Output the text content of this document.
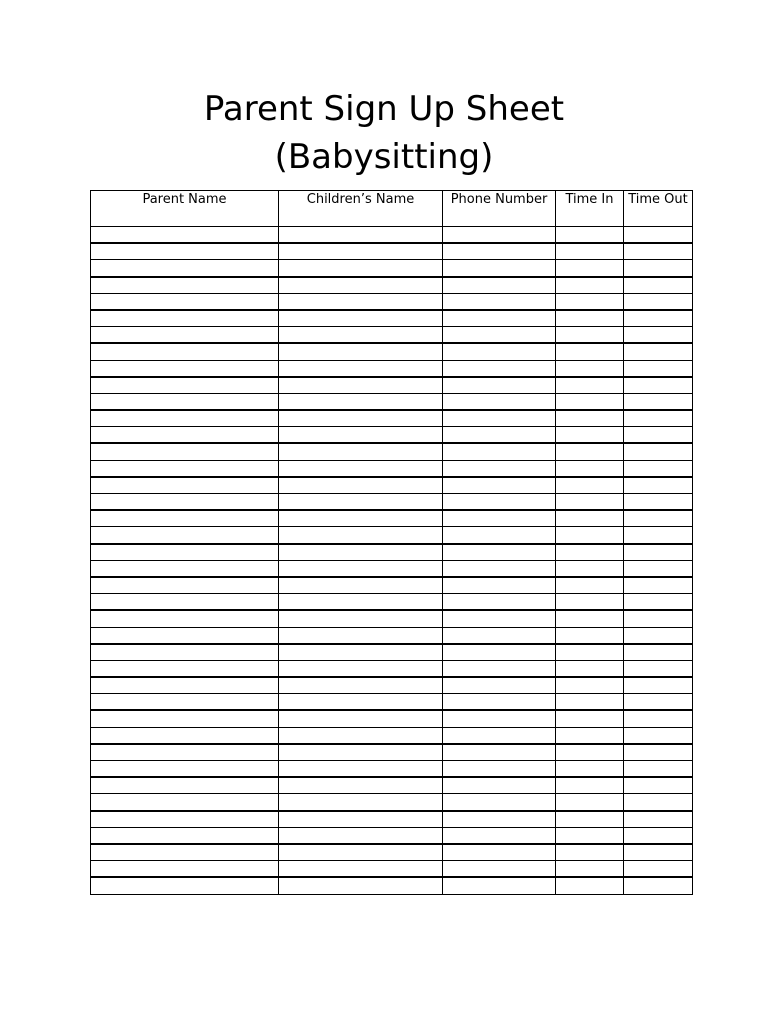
Parent Sign Up Sheet
(Babysitting)
Parent Name	Children’s Name	Phone Number	Time In	Time Out
